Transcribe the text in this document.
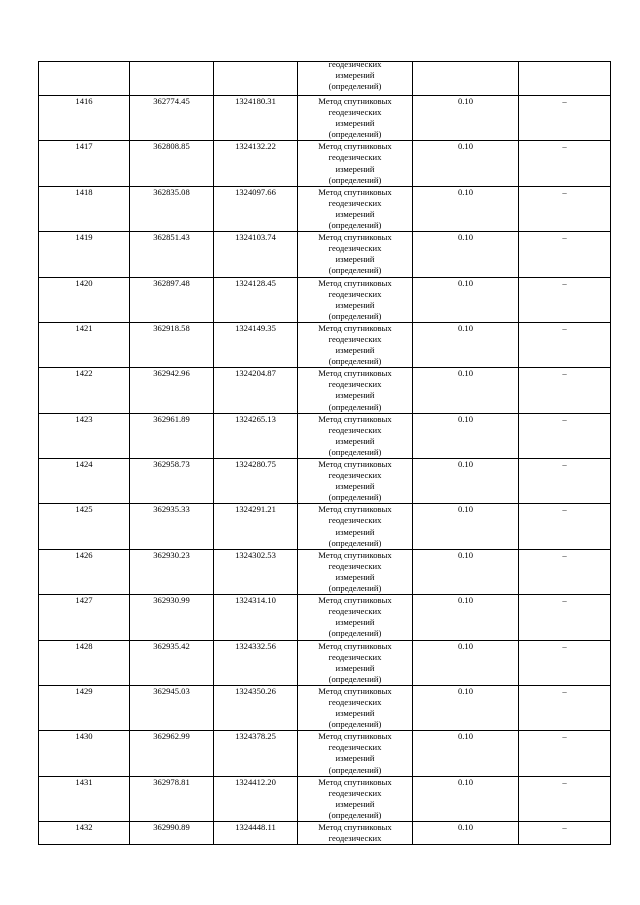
			геодезических
измерений
(определений)		

1416	362774.45	1324180.31	Метод спутниковых
геодезических
измерений
(определений)	0.10	–
1417	362808.85	1324132.22	Метод спутниковых
геодезических
измерений
(определений)	0.10	–
1418	362835.08	1324097.66	Метод спутниковых
геодезических
измерений
(определений)	0.10	–
1419	362851.43	1324103.74	Метод спутниковых
геодезических
измерений
(определений)	0.10	–
1420	362897.48	1324128.45	Метод спутниковых
геодезических
измерений
(определений)	0.10	–
1421	362918.58	1324149.35	Метод спутниковых
геодезических
измерений
(определений)	0.10	–
1422	362942.96	1324204.87	Метод спутниковых
геодезических
измерений
(определений)	0.10	–
1423	362961.89	1324265.13	Метод спутниковых
геодезических
измерений
(определений)	0.10	–
1424	362958.73	1324280.75	Метод спутниковых
геодезических
измерений
(определений)	0.10	–
1425	362935.33	1324291.21	Метод спутниковых
геодезических
измерений
(определений)	0.10	–
1426	362930.23	1324302.53	Метод спутниковых
геодезических
измерений
(определений)	0.10	–
1427	362930.99	1324314.10	Метод спутниковых
геодезических
измерений
(определений)	0.10	–
1428	362935.42	1324332.56	Метод спутниковых
геодезических
измерений
(определений)	0.10	–
1429	362945.03	1324350.26	Метод спутниковых
геодезических
измерений
(определений)	0.10	–
1430	362962.99	1324378.25	Метод спутниковых
геодезических
измерений
(определений)	0.10	–
1431	362978.81	1324412.20	Метод спутниковых
геодезических
измерений
(определений)	0.10	–
1432	362990.89	1324448.11	Метод спутниковых
геодезических	0.10	–
